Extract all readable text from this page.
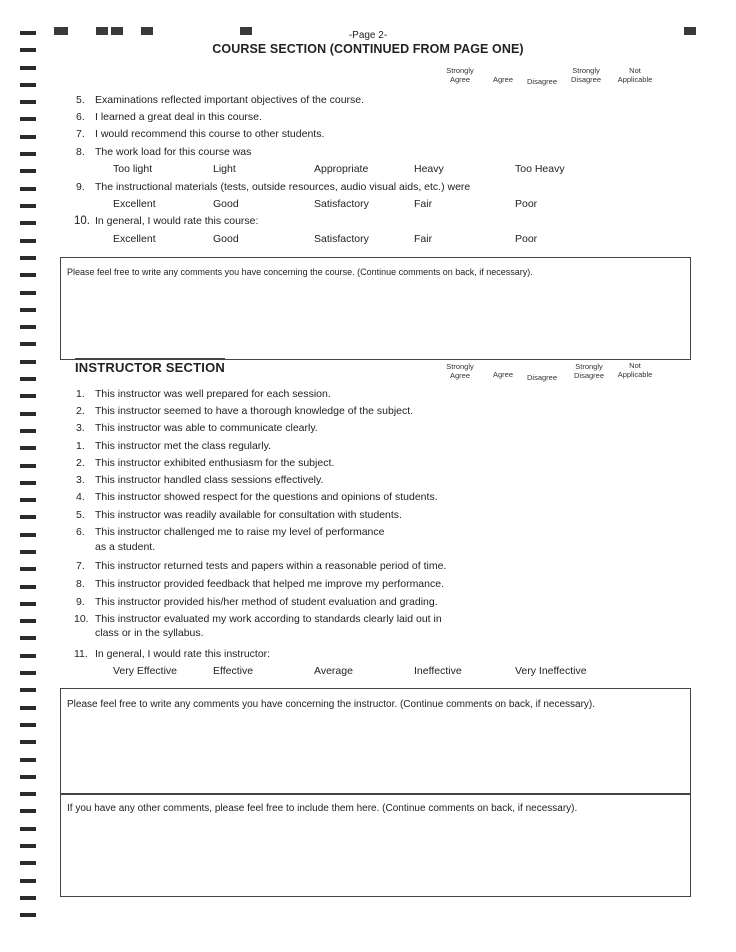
-Page 2-
COURSE SECTION (CONTINUED FROM PAGE ONE)
Strongly
Agree	Agree	Disagree
Strongly
Disagree
Not
Applicable
5. Examinations reflected important objectives of the course.
6. I learned a great deal in this course.
7. I would recommend this course to other students.
8. The work load for this course was
Too light	Light	Appropriate	Heavy	Too Heavy
9. The instructional materials (tests, outside resources, audio visual aids, etc.) were
Excellent	Good	Satisfactory	Fair	Poor
10. In general, I would rate this course:
Excellent	Good	Satisfactory	Fair	Poor
Please feel free to write any comments you have concerning the course. (Continue comments on back, if necessary).
INSTRUCTOR SECTION	Strongly
Agree	Agree	Disagree
Strongly
Disagree
Not
Applicable
1. This instructor was well prepared for each session.
2. This instructor seemed to have a thorough knowledge of the subject.
3. This instructor was able to communicate clearly.
1. This instructor met the class regularly.
2. This instructor exhibited enthusiasm for the subject.
3. This instructor handled class sessions effectively.
4. This instructor showed respect for the questions and opinions of students.
5. This instructor was readily available for consultation with students.
6. This instructor challenged me to raise my level of performance
as a student.
7. This instructor returned tests and papers within a reasonable period of time.
8. This instructor provided feedback that helped me improve my performance.
9. This instructor provided his/her method of student evaluation and grading.
10. This instructor evaluated my work according to standards clearly laid out in
class or in the syllabus.
11. In general, I would rate this instructor:
Very Effective	Effective	Average	Ineffective	Very Ineffective
Please feel free to write any comments you have concerning the instructor. (Continue comments on back, if necessary).
If you have any other comments, please feel free to include them here. (Continue comments on back, if necessary).
